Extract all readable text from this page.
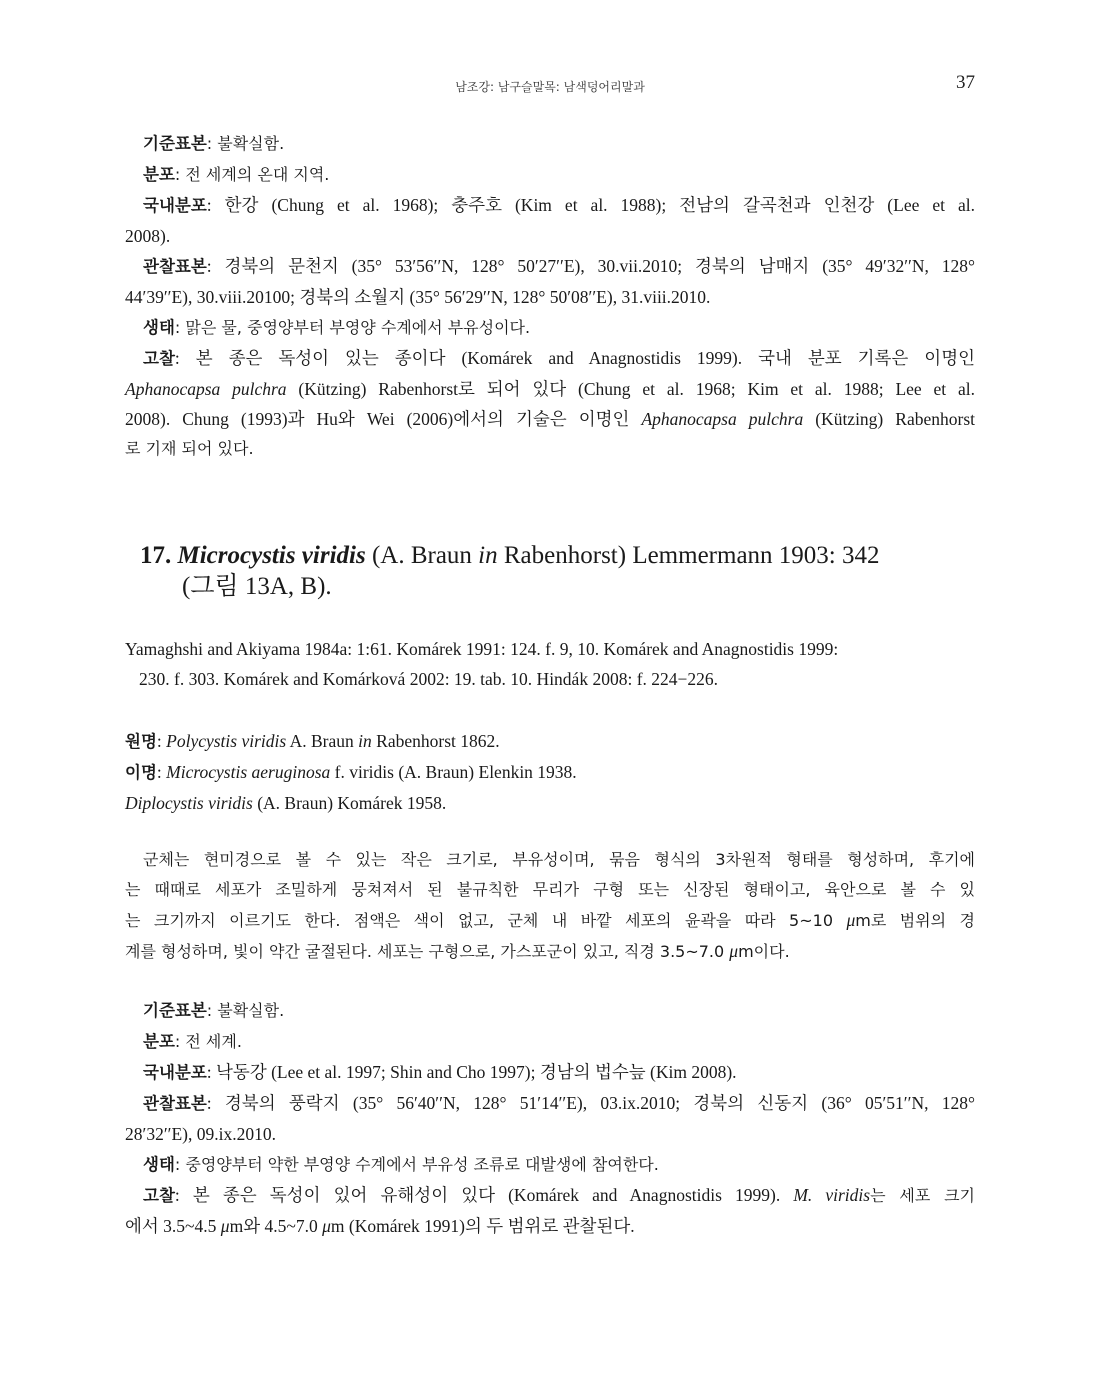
남조강: 남구슬말목: 남색덩어리말과	37
기준표본: 불확실함.
분포: 전 세계의 온대 지역.
국내분포: 한강 (Chung et al. 1968); 충주호 (Kim et al. 1988); 전남의 갈곡천과 인천강 (Lee et al.
2008).
관찰표본: 경북의 문천지 (35° 53′56′′N, 128° 50′27′′E), 30.vii.2010; 경북의 남매지 (35° 49′32′′N, 128°
44′39′′E), 30.viii.20100; 경북의 소월지 (35° 56′29′′N, 128° 50′08′′E), 31.viii.2010.
생태: 맑은 물, 중영양부터 부영양 수계에서 부유성이다.
고찰: 본 종은 독성이 있는 종이다 (Komárek and Anagnostidis 1999). 국내 분포 기록은 이명인
Aphanocapsa pulchra (Kützing) Rabenhorst로 되어 있다 (Chung et al. 1968; Kim et al. 1988; Lee et al.
2008). Chung (1993)과 Hu와 Wei (2006)에서의 기술은 이명인 Aphanocapsa pulchra (Kützing) Rabenhorst
로 기재 되어 있다.
17. Microcystis viridis (A. Braun in Rabenhorst) Lemmermann 1903: 342
(그림 13A, B).
Yamaghshi and Akiyama 1984a: 1:61. Komárek 1991: 124. f. 9, 10. Komárek and Anagnostidis 1999:
230. f. 303. Komárek and Komárková 2002: 19. tab. 10. Hindák 2008: f. 224−226.
원명: Polycystis viridis A. Braun in Rabenhorst 1862.
이명: Microcystis aeruginosa f. viridis (A. Braun) Elenkin 1938.
Diplocystis viridis (A. Braun) Komárek 1958.
군체는 현미경으로 볼 수 있는 작은 크기로, 부유성이며, 묶음 형식의 3차원적 형태를 형성하며, 후기에
는 때때로 세포가 조밀하게 뭉쳐져서 된 불규칙한 무리가 구형 또는 신장된 형태이고, 육안으로 볼 수 있
는 크기까지 이르기도 한다. 점액은 색이 없고, 군체 내 바깥 세포의 윤곽을 따라 5~10 μm로 범위의 경
계를 형성하며, 빛이 약간 굴절된다. 세포는 구형으로, 가스포군이 있고, 직경 3.5~7.0 μm이다.
기준표본: 불확실함.
분포: 전 세계.
국내분포: 낙동강 (Lee et al. 1997; Shin and Cho 1997); 경남의 법수늪 (Kim 2008).
관찰표본: 경북의 풍락지 (35° 56′40′′N, 128° 51′14′′E), 03.ix.2010; 경북의 신동지 (36° 05′51′′N, 128°
28′32′′E), 09.ix.2010.
생태: 중영양부터 약한 부영양 수계에서 부유성 조류로 대발생에 참여한다.
고찰: 본 종은 독성이 있어 유해성이 있다 (Komárek and Anagnostidis 1999). M. viridis는 세포 크기
에서 3.5~4.5 μm와 4.5~7.0 μm (Komárek 1991)의 두 범위로 관찰된다.
